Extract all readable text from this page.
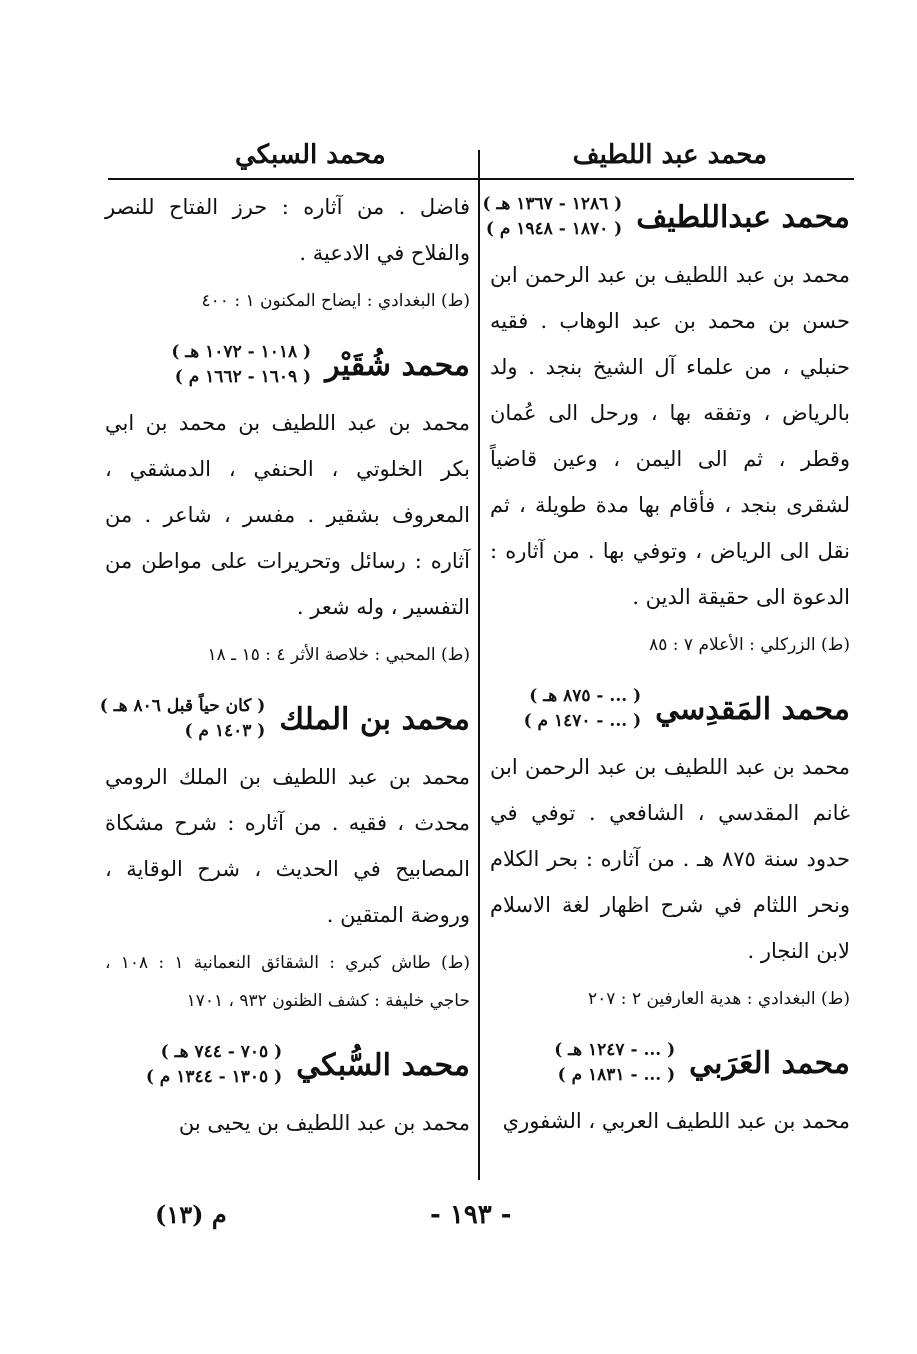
محمد عبد اللطيف
محمد السبكي
محمد عبداللطيف
( ١٢٨٦ - ١٣٦٧ هـ )
( ١٨٧٠ - ١٩٤٨ م )
محمد بن عبد اللطيف بن عبد الرحمن ابن حسن بن محمد بن عبد الوهاب . فقيه حنبلي ، من علماء آل الشيخ بنجد . ولد بالرياض ، وتفقه بها ، ورحل الى عُمان وقطر ، ثم الى اليمن ، وعين قاضياً لشقرى بنجد ، فأقام بها مدة طويلة ، ثم نقل الى الرياض ، وتوفي بها . من آثاره : الدعوة الى حقيقة الدين .
(ط) الزركلي : الأعلام ٧ : ٨٥
محمد المَقدِسي
( ... - ٨٧٥ هـ )
( ... - ١٤٧٠ م )
محمد بن عبد اللطيف بن عبد الرحمن ابن غانم المقدسي ، الشافعي . توفي في حدود سنة ٨٧٥ هـ . من آثاره : بحر الكلام ونحر اللثام في شرح اظهار لغة الاسلام لابن النجار .
(ط) البغدادي : هدية العارفين ٢ : ٢٠٧
محمد العَرَبي
( ... - ١٢٤٧ هـ )
( ... - ١٨٣١ م )
محمد بن عبد اللطيف العربي ، الشفوري
فاضل . من آثاره : حرز الفتاح للنصر والفلاح في الادعية .
(ط) البغدادي : ايضاح المكنون ١ : ٤٠٠
محمد شُقَيْر
( ١٠١٨ - ١٠٧٢ هـ )
( ١٦٠٩ - ١٦٦٢ م )
محمد بن عبد اللطيف بن محمد بن ابي بكر الخلوتي ، الحنفي ، الدمشقي ، المعروف بشقير . مفسر ، شاعر . من آثاره : رسائل وتحريرات على مواطن من التفسير ، وله شعر .
(ط) المحبي : خلاصة الأثر ٤ : ١٥ ـ ١٨
محمد بن الملك
( كان حياً قبل ٨٠٦ هـ )
( ١٤٠٣ م )
محمد بن عبد اللطيف بن الملك الرومي محدث ، فقيه . من آثاره : شرح مشكاة المصابيح في الحديث ، شرح الوقاية ، وروضة المتقين .
(ط) طاش كبري : الشقائق النعمانية ١ : ١٠٨ ، حاجي خليفة : كشف الظنون ٩٣٢ ، ١٧٠١
محمد السُّبكي
( ٧٠٥ - ٧٤٤ هـ )
( ١٣٠٥ - ١٣٤٤ م )
محمد بن عبد اللطيف بن يحيى بن
- ١٩٣ -
م (١٣)
